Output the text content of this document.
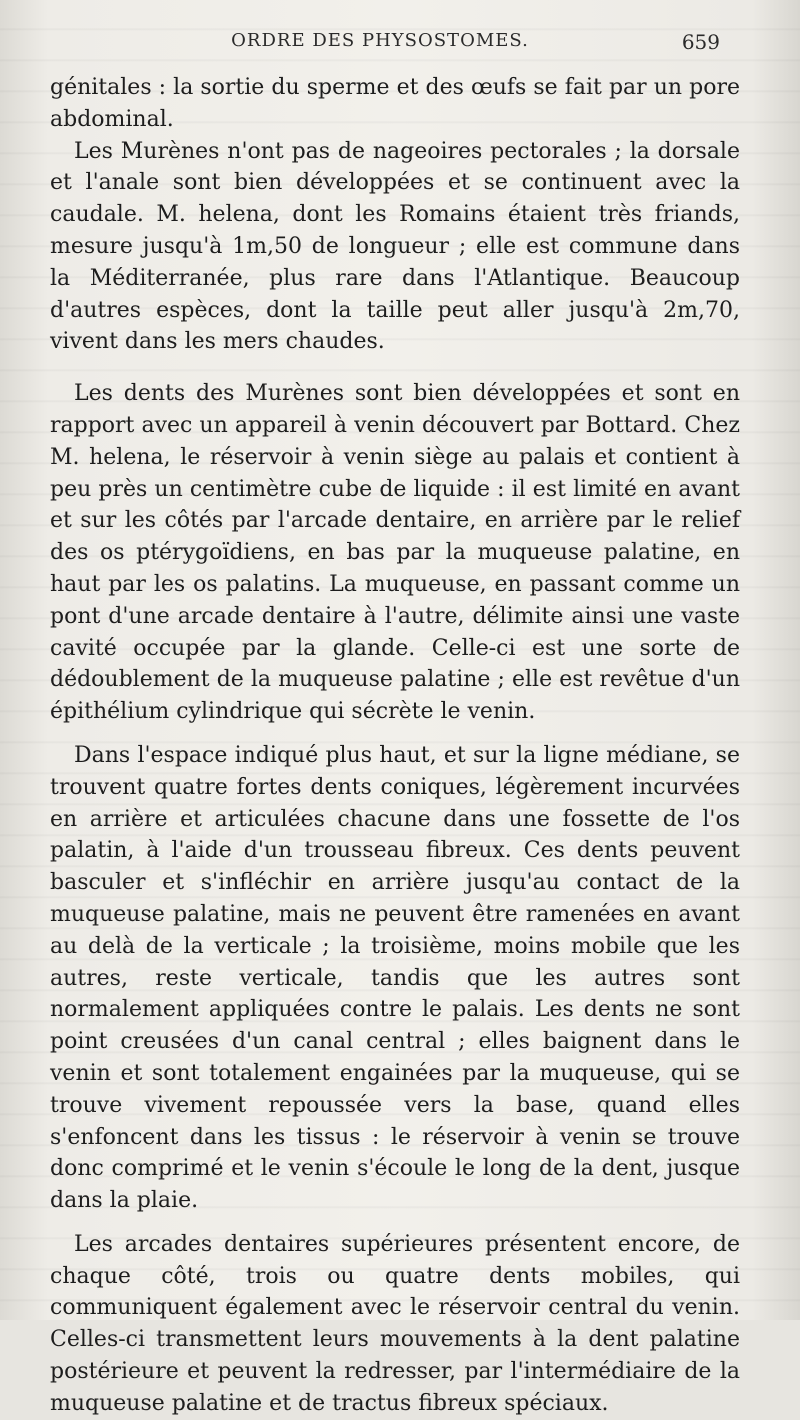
ORDRE DES PHYSOSTOMES.	659

génitales : la sortie du sperme et des œufs se fait par un pore abdominal.

Les Murènes n'ont pas de nageoires pectorales ; la dorsale et l'anale sont bien développées et se continuent avec la caudale. M. helena, dont les Romains étaient très friands, mesure jusqu'à 1m,50 de longueur ; elle est commune dans la Méditerranée, plus rare dans l'Atlantique. Beaucoup d'autres espèces, dont la taille peut aller jusqu'à 2m,70, vivent dans les mers chaudes.

Les dents des Murènes sont bien développées et sont en rapport avec un appareil à venin découvert par Bottard. Chez M. helena, le réservoir à venin siège au palais et contient à peu près un centimètre cube de liquide : il est limité en avant et sur les côtés par l'arcade dentaire, en arrière par le relief des os ptérygoïdiens, en bas par la muqueuse palatine, en haut par les os palatins. La muqueuse, en passant comme un pont d'une arcade dentaire à l'autre, délimite ainsi une vaste cavité occupée par la glande. Celle-ci est une sorte de dédoublement de la muqueuse palatine ; elle est revêtue d'un épithélium cylindrique qui sécrète le venin.

Dans l'espace indiqué plus haut, et sur la ligne médiane, se trouvent quatre fortes dents coniques, légèrement incurvées en arrière et articulées chacune dans une fossette de l'os palatin, à l'aide d'un trousseau fibreux. Ces dents peuvent basculer et s'infléchir en arrière jusqu'au contact de la muqueuse palatine, mais ne peuvent être ramenées en avant au delà de la verticale ; la troisième, moins mobile que les autres, reste verticale, tandis que les autres sont normalement appliquées contre le palais. Les dents ne sont point creusées d'un canal central ; elles baignent dans le venin et sont totalement engainées par la muqueuse, qui se trouve vivement repoussée vers la base, quand elles s'enfoncent dans les tissus : le réservoir à venin se trouve donc comprimé et le venin s'écoule le long de la dent, jusque dans la plaie.

Les arcades dentaires supérieures présentent encore, de chaque côté, trois ou quatre dents mobiles, qui communiquent également avec le réservoir central du venin. Celles-ci transmettent leurs mouvements à la dent palatine postérieure et peuvent la redresser, par l'intermédiaire de la muqueuse palatine et de tractus fibreux spéciaux.
